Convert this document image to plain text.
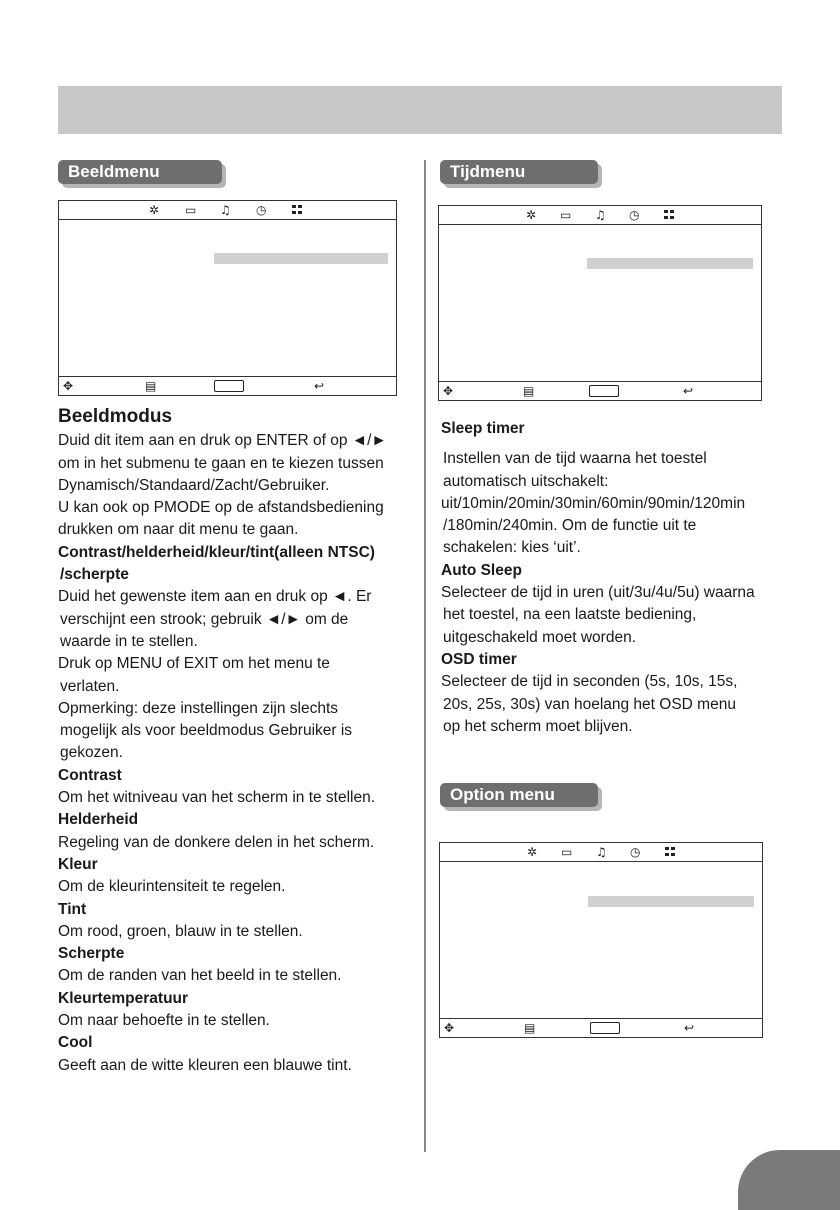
Beeldmenu
✲ ▭ ♫ ◷
✥	▤	↩

Beeldmodus

Duid dit item aan en druk op ENTER of op ◄/►

om in het submenu te gaan en te kiezen tussen

Dynamisch/Standaard/Zacht/Gebruiker.

U kan ook op PMODE op de afstandsbediening

drukken om naar dit menu te gaan.

Contrast/helderheid/kleur/tint(alleen NTSC)

/scherpte

Duid het gewenste item aan en druk op ◄. Er

verschijnt een strook; gebruik ◄/► om de

waarde in te stellen.

Druk op MENU of EXIT om het menu te

verlaten.

Opmerking: deze instellingen zijn slechts

mogelijk als voor beeldmodus Gebruiker is

gekozen.

Contrast

Om het witniveau van het scherm in te stellen.

Helderheid

Regeling van de donkere delen in het scherm.

Kleur

Om de kleurintensiteit te regelen.

Tint

Om rood, groen, blauw in te stellen.

Scherpte

Om de randen van het beeld in te stellen.

Kleurtemperatuur

Om naar behoefte in te stellen.

Cool

Geeft aan de witte kleuren een blauwe tint.

Tijdmenu
✲ ▭ ♫ ◷
✥	▤	↩

Sleep timer

Instellen van de tijd waarna het toestel

automatisch uitschakelt:

uit/10min/20min/30min/60min/90min/120min

/180min/240min. Om de functie uit te

schakelen: kies ‘uit’.

Auto Sleep

Selecteer de tijd in uren (uit/3u/4u/5u) waarna

het toestel, na een laatste bediening,

uitgeschakeld moet worden.

OSD timer

Selecteer de tijd in seconden (5s, 10s, 15s,

20s, 25s, 30s) van hoelang het OSD menu

op het scherm moet blijven.

Option menu
✲ ▭ ♫ ◷
✥	▤	↩
